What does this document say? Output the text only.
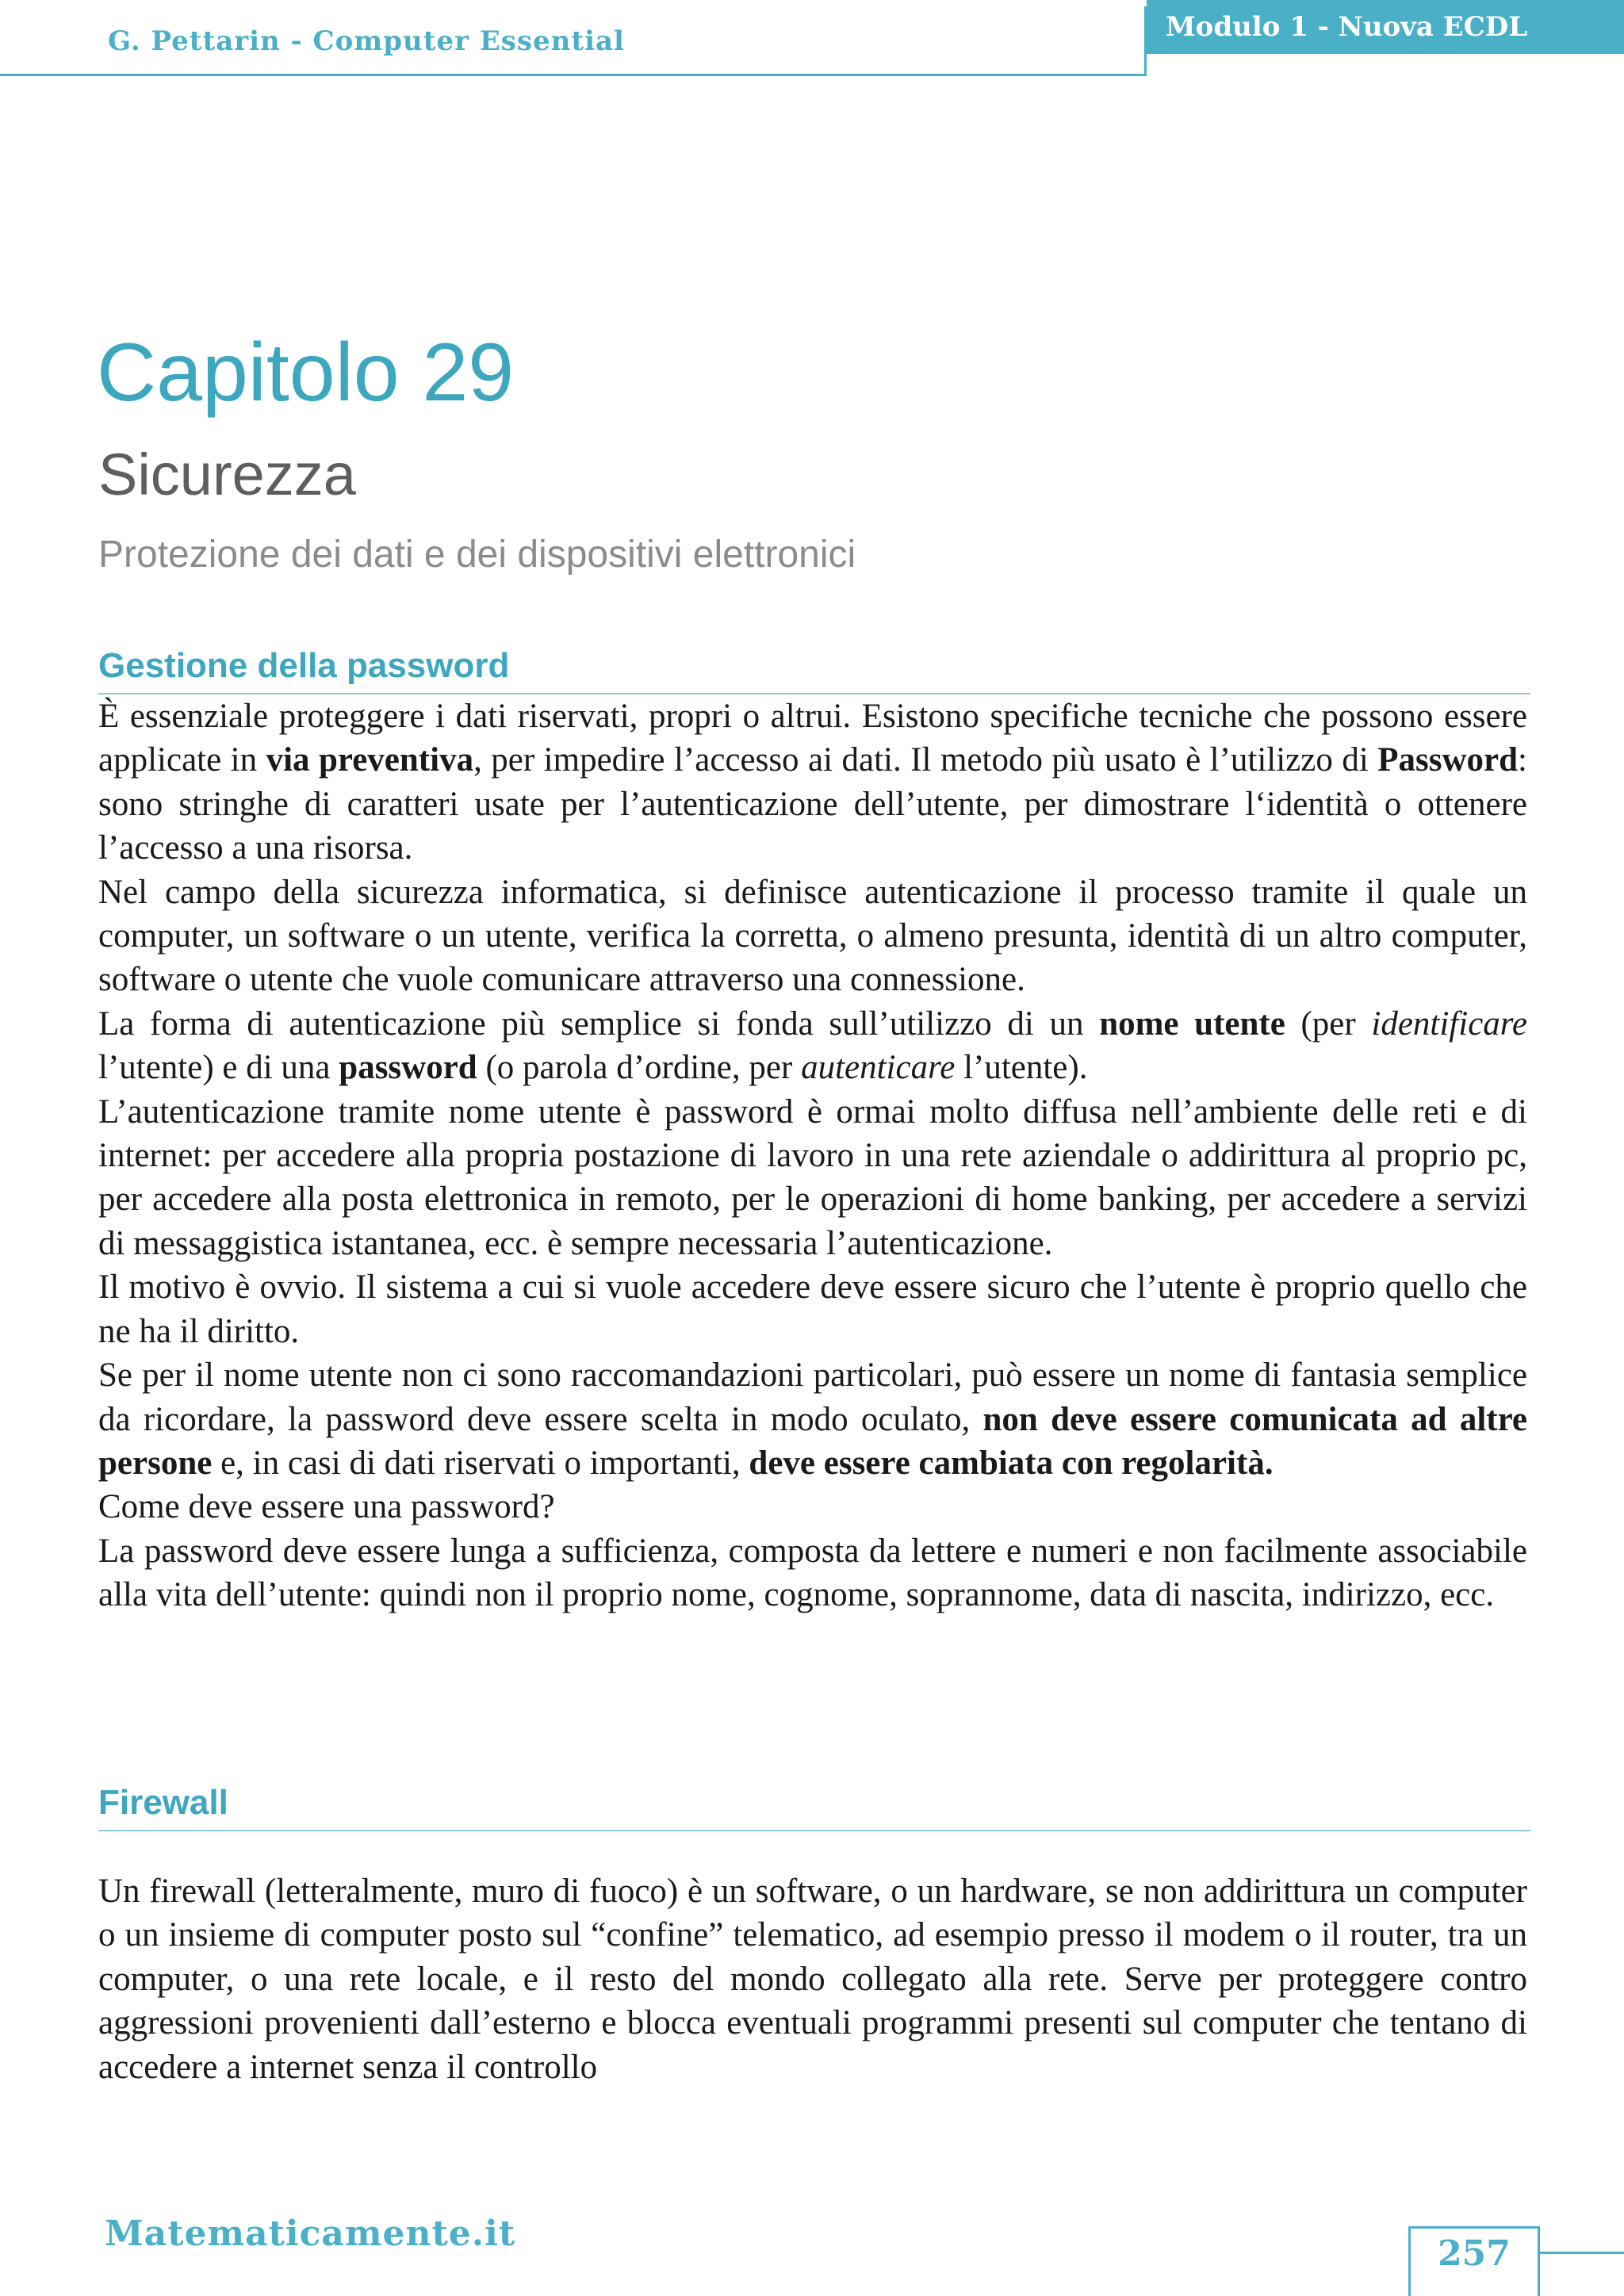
G. Pettarin - Computer Essential	Modulo 1 - Nuova ECDL
Capitolo 29
Sicurezza
Protezione dei dati e dei dispositivi elettronici
Gestione della password

È essenziale proteggere i dati riservati, propri o altrui. Esistono specifiche tecniche che possono essere applicate in via preventiva, per impedire l’accesso ai dati. Il metodo più usato è l’utilizzo di Password: sono stringhe di caratteri usate per l’autenticazione dell’utente, per dimostrare l‘identità o ottenere l’accesso a una risorsa.

Nel campo della sicurezza informatica, si definisce autenticazione il processo tramite il quale un computer, un software o un utente, verifica la corretta, o almeno presunta, identità di un altro computer, software o utente che vuole comunicare attraverso una connessione.

La forma di autenticazione più semplice si fonda sull’utilizzo di un nome utente (per identificare l’utente) e di una password (o parola d’ordine, per autenticare l’utente).

L’autenticazione tramite nome utente è password è ormai molto diffusa nell’ambiente delle reti e di internet: per accedere alla propria postazione di lavoro in una rete aziendale o addirittura al proprio pc, per accedere alla posta elettronica in remoto, per le operazioni di home banking, per accedere a servizi di messaggistica istantanea, ecc. è sempre necessaria l’autenticazione.

Il motivo è ovvio. Il sistema a cui si vuole accedere deve essere sicuro che l’utente è proprio quello che ne ha il diritto.

Se per il nome utente non ci sono raccomandazioni particolari, può essere un nome di fantasia semplice da ricordare, la password deve essere scelta in modo oculato, non deve essere comunicata ad altre persone e, in casi di dati riservati o importanti, deve essere cambiata con regolarità.

Come deve essere una password?

La password deve essere lunga a sufficienza, composta da lettere e numeri e non facilmente associabile alla vita dell’utente: quindi non il proprio nome, cognome, soprannome, data di nascita, indirizzo, ecc.

Firewall

Un firewall (letteralmente, muro di fuoco) è un software, o un hardware, se non addirittura un computer o un insieme di computer posto sul “confine” telematico, ad esempio presso il modem o il router, tra un computer, o una rete locale, e il resto del mondo collegato alla rete. Serve per proteggere contro aggressioni provenienti dall’esterno e blocca eventuali programmi presenti sul computer che tentano di accedere a internet senza il controllo

Matematicamente.it	257
